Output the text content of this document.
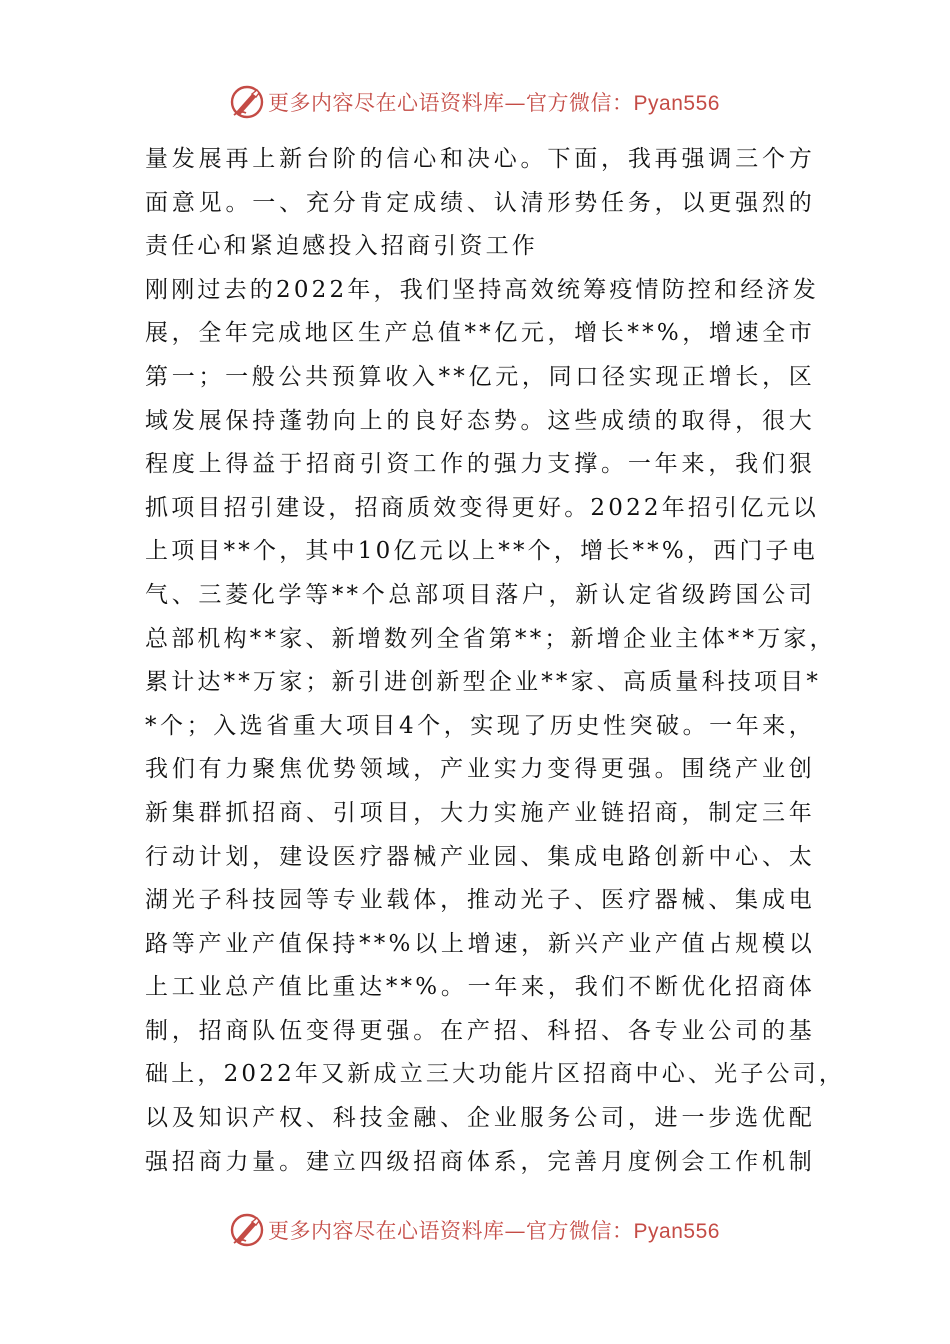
更多内容尽在心语资料库—官方微信：Pyan556
量发展再上新台阶的信心和决心。下面，我再强调三个方
面意见。一、充分肯定成绩、认清形势任务，以更强烈的
责任心和紧迫感投入招商引资工作
刚刚过去的2022年，我们坚持高效统筹疫情防控和经济发
展，全年完成地区生产总值**亿元，增长**%，增速全市
第一；一般公共预算收入**亿元，同口径实现正增长，区
域发展保持蓬勃向上的良好态势。这些成绩的取得，很大
程度上得益于招商引资工作的强力支撑。一年来，我们狠
抓项目招引建设，招商质效变得更好。2022年招引亿元以
上项目**个，其中10亿元以上**个，增长**%，西门子电
气、三菱化学等**个总部项目落户，新认定省级跨国公司
总部机构**家、新增数列全省第**；新增企业主体**万家，
累计达**万家；新引进创新型企业**家、高质量科技项目*
*个；入选省重大项目4个，实现了历史性突破。一年来，
我们有力聚焦优势领域，产业实力变得更强。围绕产业创
新集群抓招商、引项目，大力实施产业链招商，制定三年
行动计划，建设医疗器械产业园、集成电路创新中心、太
湖光子科技园等专业载体，推动光子、医疗器械、集成电
路等产业产值保持**%以上增速，新兴产业产值占规模以
上工业总产值比重达**%。一年来，我们不断优化招商体
制，招商队伍变得更强。在产招、科招、各专业公司的基
础上，2022年又新成立三大功能片区招商中心、光子公司，
以及知识产权、科技金融、企业服务公司，进一步选优配
强招商力量。建立四级招商体系，完善月度例会工作机制
更多内容尽在心语资料库—官方微信：Pyan556
